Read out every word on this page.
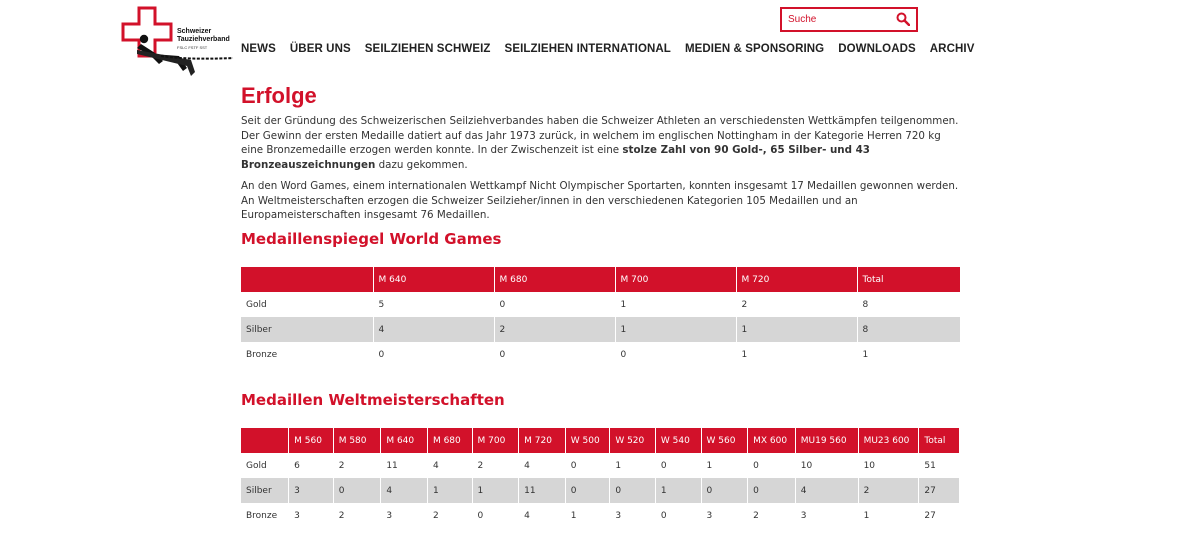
Schweizer
Tauziehverband
FSLC FSTF SST
Suche	NEWS ÜBER UNS SEILZIEHEN SCHWEIZ SEILZIEHEN INTERNATIONAL MEDIEN & SPONSORING DOWNLOADS ARCHIV
Erfolge

Seit der Gründung des Schweizerischen Seilziehverbandes haben die Schweizer Athleten an verschiedensten Wettkämpfen teilgenommen. Der Gewinn der ersten Medaille datiert auf das Jahr 1973 zurück, in welchem im englischen Nottingham in der Kategorie Herren 720 kg eine Bronzemedaille erzogen werden konnte. In der Zwischenzeit ist eine stolze Zahl von 90 Gold-, 65 Silber- und 43 Bronzeauszeichnungen dazu gekommen.

An den Word Games, einem internationalen Wettkampf Nicht Olympischer Sportarten, konnten insgesamt 17 Medaillen gewonnen werden. An Weltmeisterschaften erzogen die Schweizer Seilzieher/innen in den verschiedenen Kategorien 105 Medaillen und an Europameisterschaften insgesamt 76 Medaillen.

Medaillenspiegel World Games
	M 640	M 680	M 700	M 720	Total
Gold	5	0	1	2	8
Silber	4	2	1	1	8
Bronze	0	0	0	1	1
Medaillen Weltmeisterschaften
	M 560	M 580	M 640	M 680	M 700	M 720	W 500	W 520	W 540	W 560	MX 600	MU19 560	MU23 600	Total
Gold	6	2	11	4	2	4	0	1	0	1	0	10	10	51
Silber	3	0	4	1	1	11	0	0	1	0	0	4	2	27
Bronze	3	2	3	2	0	4	1	3	0	3	2	3	1	27
